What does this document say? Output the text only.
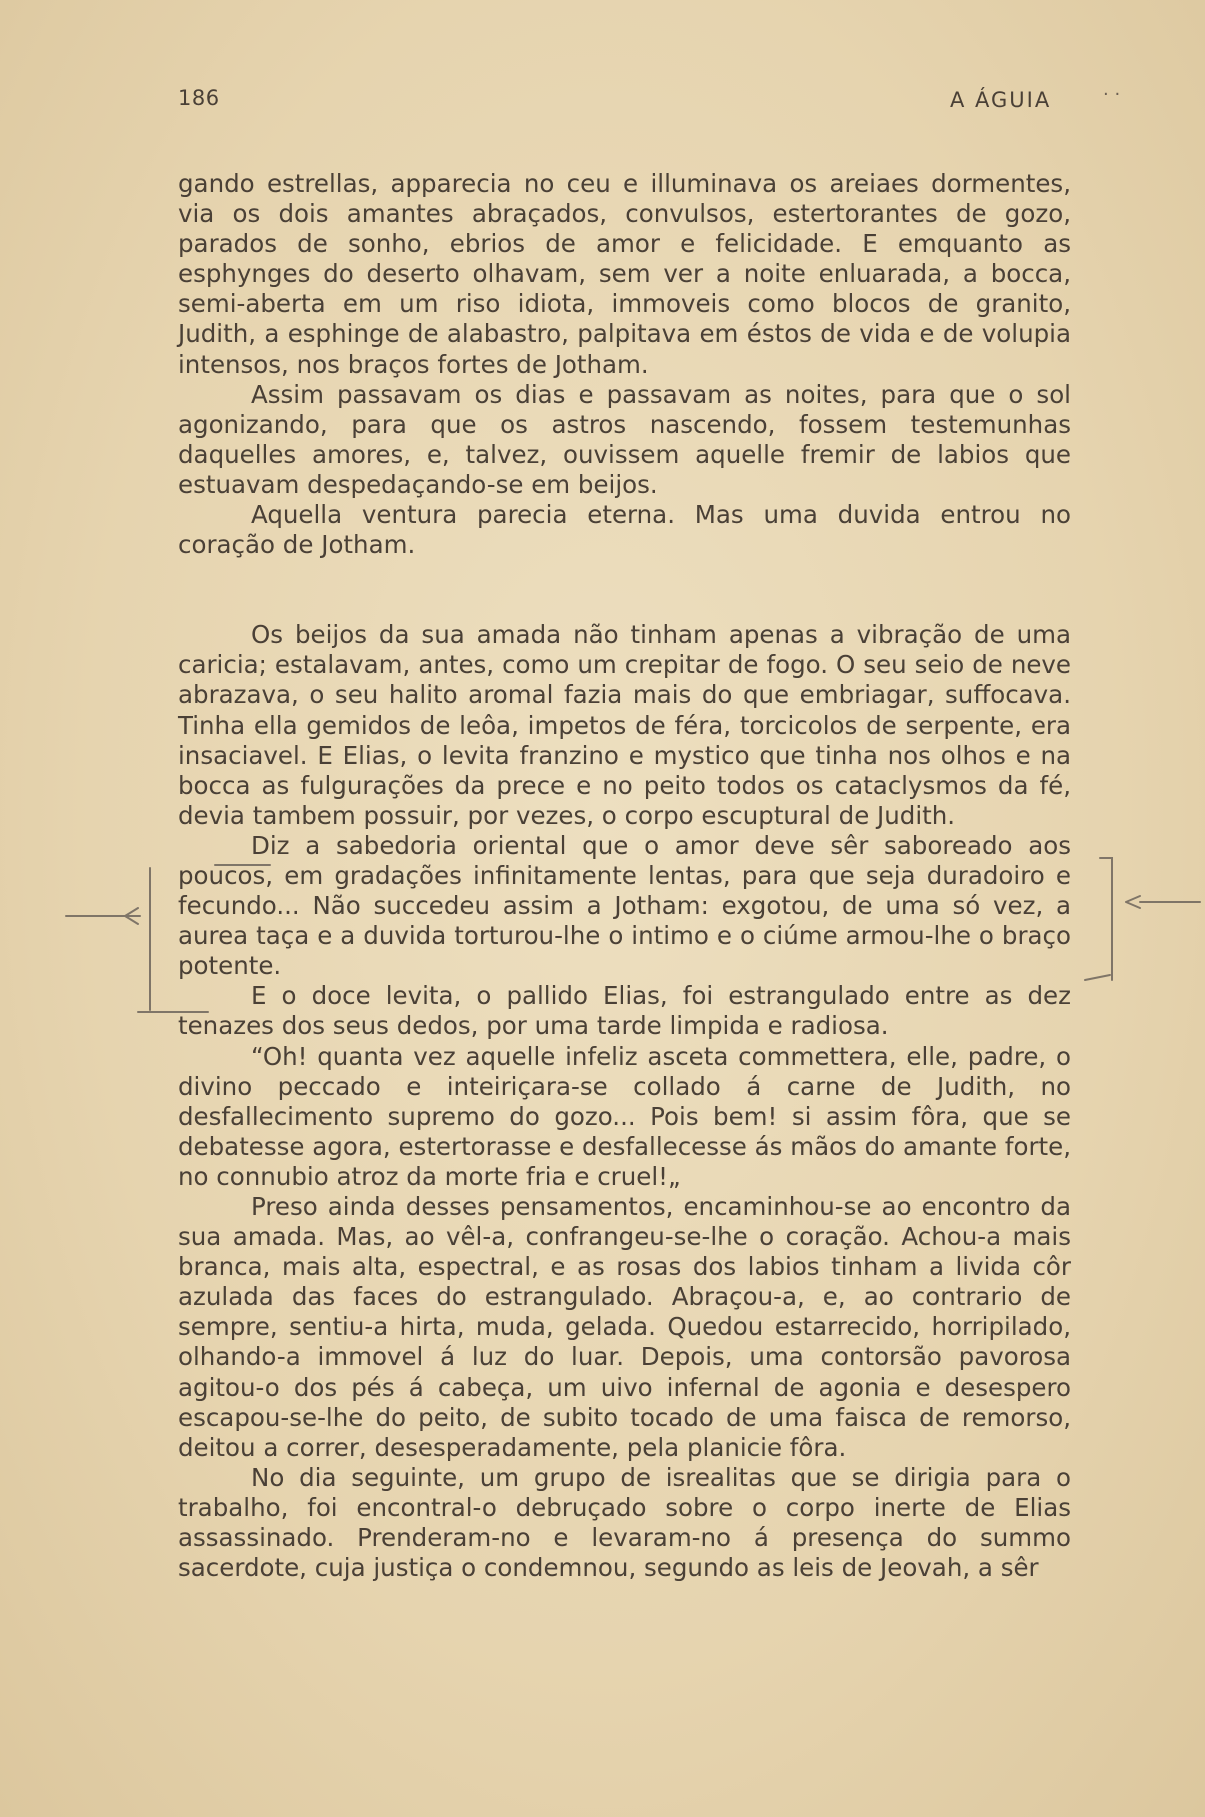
186	A ÁGUIA	· ·

gando estrellas, apparecia no ceu e illuminava os areiaes dormentes, via os dois amantes abraçados, convulsos, estertorantes de gozo, parados de sonho, ebrios de amor e felicidade. E emquanto as esphynges do deserto olhavam, sem ver a noite enluarada, a bocca, semi-aberta em um riso idiota, immoveis como blocos de granito, Judith, a esphinge de alabastro, palpitava em éstos de vida e de volupia intensos, nos braços fortes de Jotham.

Assim passavam os dias e passavam as noites, para que o sol agonizando, para que os astros nascendo, fossem testemunhas daquelles amores, e, talvez, ouvissem aquelle fremir de labios que estuavam despedaçando-se em beijos.

Aquella ventura parecia eterna. Mas uma duvida entrou no coração de Jotham.

Os beijos da sua amada não tinham apenas a vibração de uma caricia; estalavam, antes, como um crepitar de fogo. O seu seio de neve abrazava, o seu halito aromal fazia mais do que embriagar, suffocava. Tinha ella gemidos de leôa, impetos de féra, torcicolos de serpente, era insaciavel. E Elias, o levita franzino e mystico que tinha nos olhos e na bocca as fulgurações da prece e no peito todos os cataclysmos da fé, devia tambem possuir, por vezes, o corpo escuptural de Judith.

Diz a sabedoria oriental que o amor deve sêr saboreado aos poucos, em gradações infinitamente lentas, para que seja duradoiro e fecundo... Não succedeu assim a Jotham: exgotou, de uma só vez, a aurea taça e a duvida torturou-lhe o intimo e o ciúme armou-lhe o braço potente.

E o doce levita, o pallido Elias, foi estrangulado entre as dez tenazes dos seus dedos, por uma tarde limpida e radiosa.

“Oh! quanta vez aquelle infeliz asceta commettera, elle, padre, o divino peccado e inteiriçara-se collado á carne de Judith, no desfallecimento supremo do gozo... Pois bem! si assim fôra, que se debatesse agora, estertorasse e desfallecesse ás mãos do amante forte, no connubio atroz da morte fria e cruel!„

Preso ainda desses pensamentos, encaminhou-se ao encontro da sua amada. Mas, ao vêl-a, confrangeu-se-lhe o coração. Achou-a mais branca, mais alta, espectral, e as rosas dos labios tinham a livida côr azulada das faces do estrangulado. Abraçou-a, e, ao contrario de sempre, sentiu-a hirta, muda, gelada. Quedou estarrecido, horripilado, olhando-a immovel á luz do luar. Depois, uma contorsão pavorosa agitou-o dos pés á cabeça, um uivo infernal de agonia e desespero escapou-se-lhe do peito, de subito tocado de uma faisca de remorso, deitou a correr, desesperadamente, pela planicie fôra.

No dia seguinte, um grupo de isrealitas que se dirigia para o trabalho, foi encontral-o debruçado sobre o corpo inerte de Elias assassinado. Prenderam-no e levaram-no á presença do summo sacerdote, cuja justiça o condemnou, segundo as leis de Jeovah, a sêr
